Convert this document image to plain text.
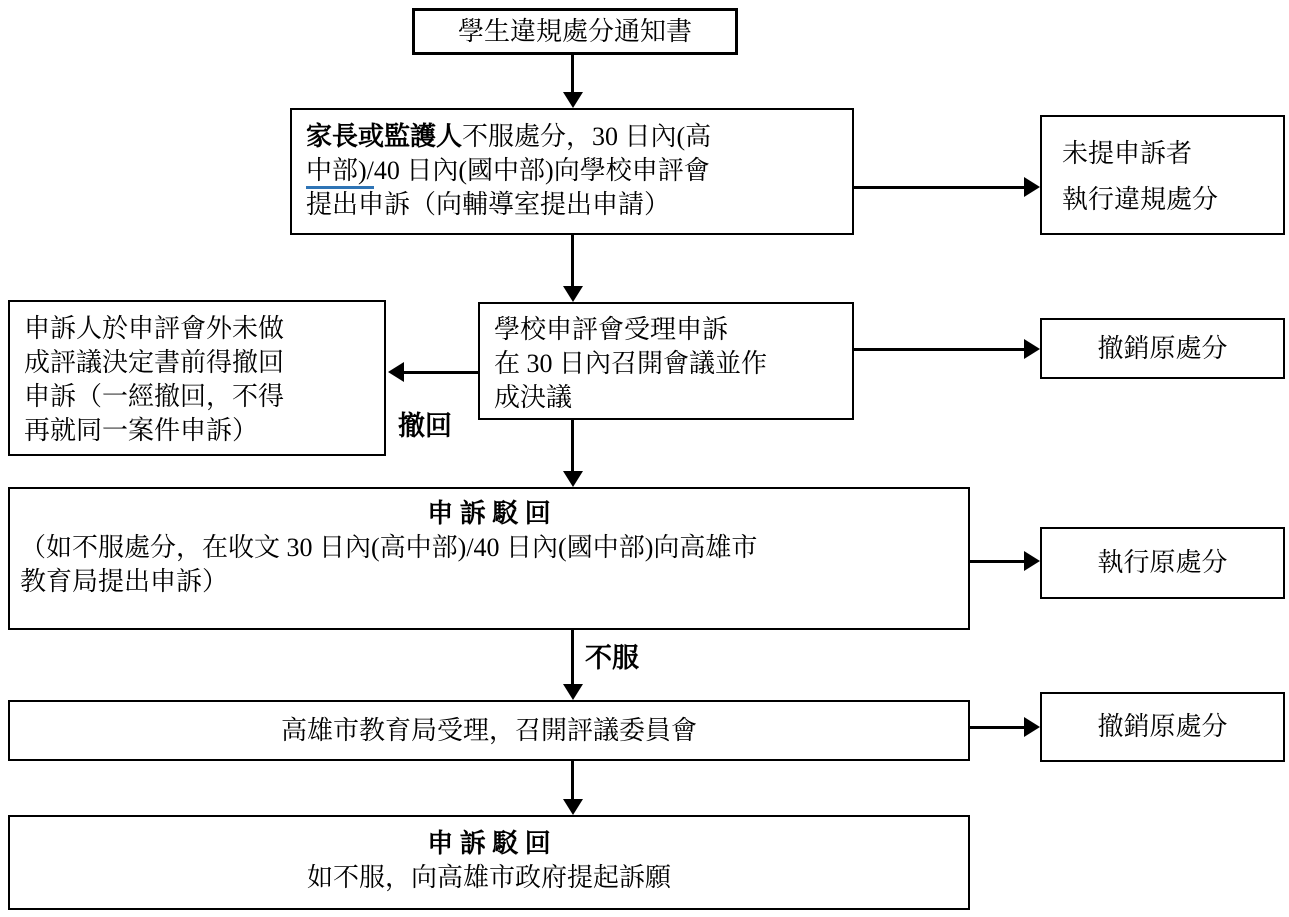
學生違規處分通知書
家長或監護人不服處分，30 日內(高
中部)/40 日內(國中部)向學校申評會
提出申訴（向輔導室提出申請）
未提申訴者
執行違規處分
學校申評會受理申訴
在 30 日內召開會議並作
成決議
申訴人於申評會外未做
成評議決定書前得撤回
申訴（一經撤回，不得
再就同一案件申訴）	撤回
撤銷原處分
申 訴 駁 回
（如不服處分，在收文 30 日內(高中部)/40 日內(國中部)向高雄市
教育局提出申訴）
執行原處分
不服
高雄市教育局受理，召開評議委員會	撤銷原處分
申 訴 駁 回
如不服，向高雄市政府提起訴願
